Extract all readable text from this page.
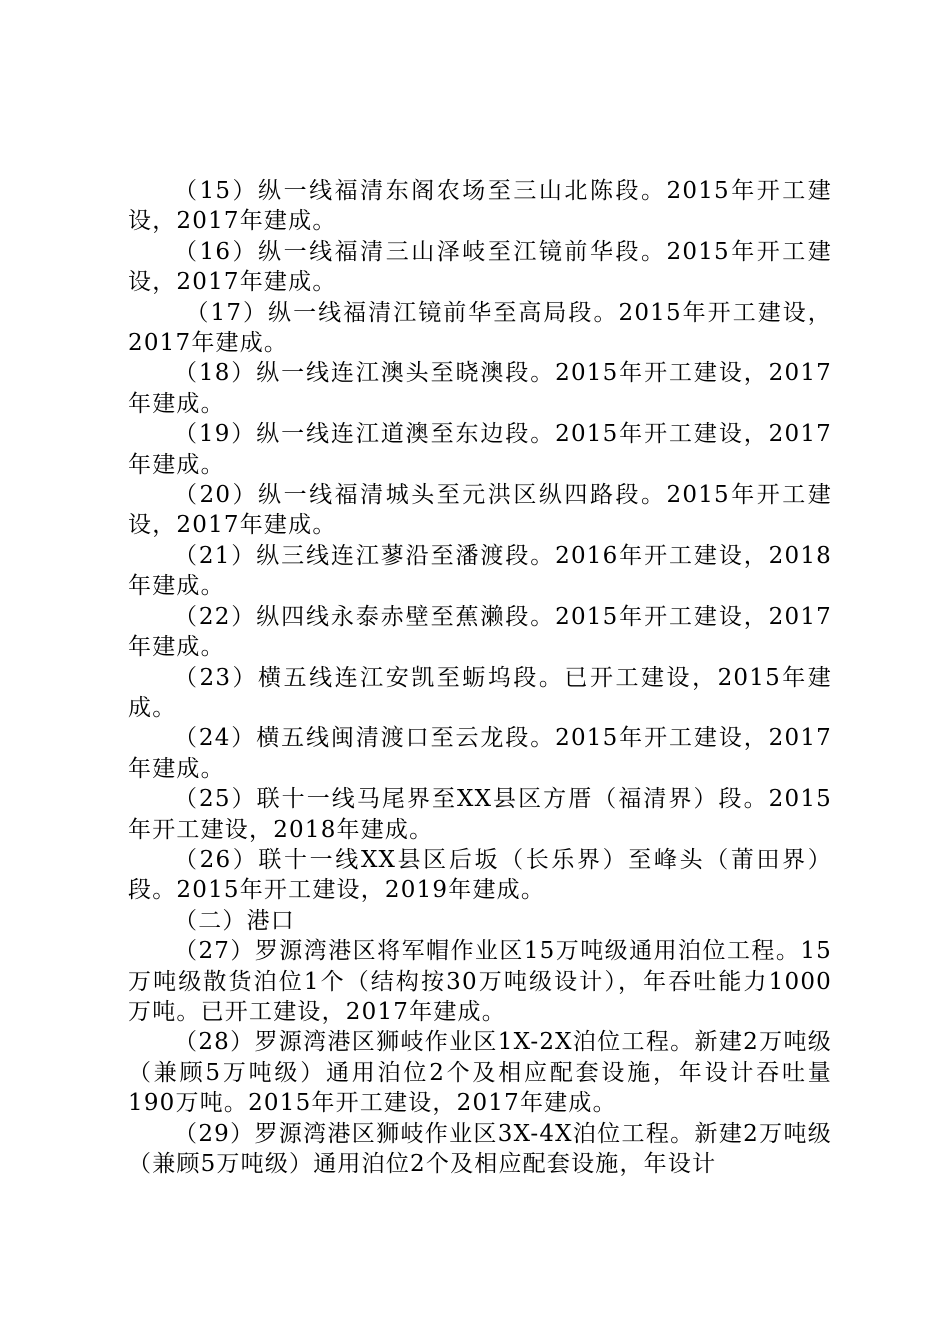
（15）纵一线福清东阁农场至三山北陈段。2015年开工建设，2017年建成。

（16）纵一线福清三山泽岐至江镜前华段。2015年开工建设，2017年建成。

（17）纵一线福清江镜前华至高局段。2015年开工建设，2017年建成。

（18）纵一线连江澳头至晓澳段。2015年开工建设，2017年建成。

（19）纵一线连江道澳至东边段。2015年开工建设，2017年建成。

（20）纵一线福清城头至元洪区纵四路段。2015年开工建设，2017年建成。

（21）纵三线连江蓼沿至潘渡段。2016年开工建设，2018年建成。

（22）纵四线永泰赤壁至蕉濑段。2015年开工建设，2017年建成。

（23）横五线连江安凯至蛎坞段。已开工建设，2015年建成。

（24）横五线闽清渡口至云龙段。2015年开工建设，2017年建成。

（25）联十一线马尾界至XX县区方厝（福清界）段。2015年开工建设，2018年建成。

（26）联十一线XX县区后坂（长乐界）至峰头（莆田界）段。2015年开工建设，2019年建成。

（二）港口

（27）罗源湾港区将军帽作业区15万吨级通用泊位工程。15万吨级散货泊位1个（结构按30万吨级设计），年吞吐能力1000万吨。已开工建设，2017年建成。

（28）罗源湾港区狮岐作业区1X-2X泊位工程。新建2万吨级（兼顾5万吨级）通用泊位2个及相应配套设施，年设计吞吐量190万吨。2015年开工建设，2017年建成。

（29）罗源湾港区狮岐作业区3X-4X泊位工程。新建2万吨级（兼顾5万吨级）通用泊位2个及相应配套设施，年设计
